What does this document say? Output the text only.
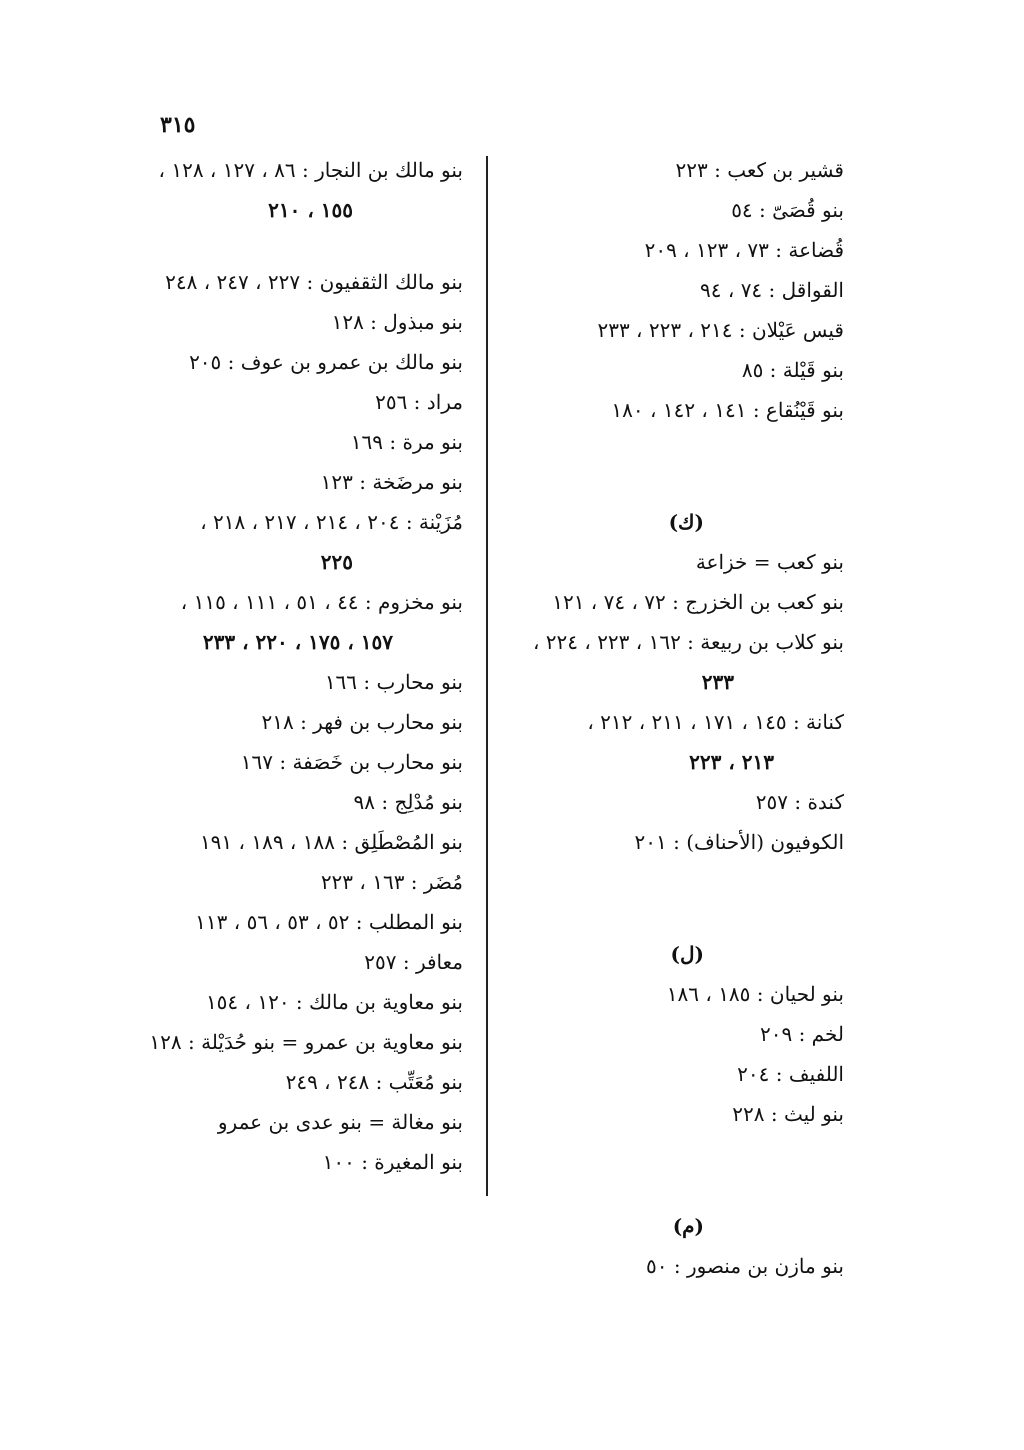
٣١٥
قشير بن كعب : ٢٢٣
بنو قُصَىّ : ٥٤
قُضاعة : ٧٣ ، ١٢٣ ، ٢٠٩
القواقل : ٧٤ ، ٩٤
قيس عَيْلان : ٢١٤ ، ٢٢٣ ، ٢٣٣
بنو قَيْلة : ٨٥
بنو قَيْنُقاع : ١٤١ ، ١٤٢ ، ١٨٠
(ك)
بنو كعب = خزاعة
بنو كعب بن الخزرج : ٧٢ ، ٧٤ ، ١٢١
بنو كلاب بن ربيعة : ١٦٢ ، ٢٢٣ ، ٢٢٤ ،
٢٣٣
كنانة : ١٤٥ ، ١٧١ ، ٢١١ ، ٢١٢ ،
٢١٣ ، ٢٢٣
كندة : ٢٥٧
الكوفيون (الأحناف) : ٢٠١
(ل)
بنو لحيان : ١٨٥ ، ١٨٦
لخم : ٢٠٩
اللفيف : ٢٠٤
بنو ليث : ٢٢٨
(م)
بنو مازن بن منصور : ٥٠
بنو مالك بن النجار : ٨٦ ، ١٢٧ ، ١٢٨ ،
١٥٥ ، ٢١٠
بنو مالك الثقفيون : ٢٢٧ ، ٢٤٧ ، ٢٤٨
بنو مبذول : ١٢٨
بنو مالك بن عمرو بن عوف : ٢٠٥
مراد : ٢٥٦
بنو مرة : ١٦٩
بنو مرضَخة : ١٢٣
مُزَيْنة : ٢٠٤ ، ٢١٤ ، ٢١٧ ، ٢١٨ ،
٢٢٥
بنو مخزوم : ٤٤ ، ٥١ ، ١١١ ، ١١٥ ،
١٥٧ ، ١٧٥ ، ٢٢٠ ، ٢٣٣
بنو محارب : ١٦٦
بنو محارب بن فهر : ٢١٨
بنو محارب بن خَصَفة : ١٦٧
بنو مُدْلِج : ٩٨
بنو المُصْطَلِق : ١٨٨ ، ١٨٩ ، ١٩١
مُضَر : ١٦٣ ، ٢٢٣
بنو المطلب : ٥٢ ، ٥٣ ، ٥٦ ، ١١٣
معافر : ٢٥٧
بنو معاوية بن مالك : ١٢٠ ، ١٥٤
بنو معاوية بن عمرو = بنو حُدَيْلة : ١٢٨
بنو مُعَتِّب : ٢٤٨ ، ٢٤٩
بنو مغالة = بنو عدى بن عمرو
بنو المغيرة : ١٠٠
